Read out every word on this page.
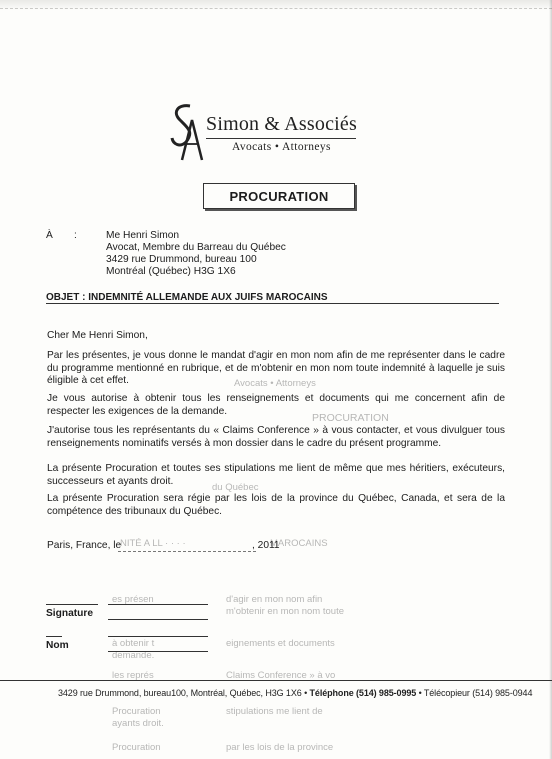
Simon & Associés
Avocats • Attorneys
PROCURATION
À :	Me Henri Simon
Avocat, Membre du Barreau du Québec
3429 rue Drummond, bureau 100
Montréal (Québec) H3G 1X6
OBJET : INDEMNITÉ ALLEMANDE AUX JUIFS MAROCAINS
Cher Me Henri Simon,
Par les présentes, je vous donne le mandat d'agir en mon nom afin de me représenter dans le cadre du programme mentionné en rubrique, et de m'obtenir en mon nom toute indemnité à laquelle je suis éligible à cet effet.
Je vous autorise à obtenir tous les renseignements et documents qui me concernent afin de respecter les exigences de la demande.
J'autorise tous les représentants du « Claims Conference » à vous contacter, et vous divulguer tous renseignements nominatifs versés à mon dossier dans le cadre du présent programme.
La présente Procuration et toutes ses stipulations me lient de même que mes héritiers, exécuteurs, successeurs et ayants droit.
La présente Procuration sera régie par les lois de la province du Québec, Canada, et sera de la compétence des tribunaux du Québec.
Paris, France, le	, 2011
Signature
Nom
Avocats • Attorneys
PROCURATION
du Québec
NITÉ A LL · · · ·	MAROCAINS
es présen	d'agir en mon nom afin
m'obtenir en mon nom toute
à obtenir t	eignements et documents
demande.
les représ	Claims Conference » à vo
Procuration	stipulations me lient de
ayants droit.
Procuration	par les lois de la province
3429 rue Drummond, bureau100, Montréal, Québec, H3G 1X6 • Téléphone (514) 985-0995 • Télécopieur (514) 985-0944
